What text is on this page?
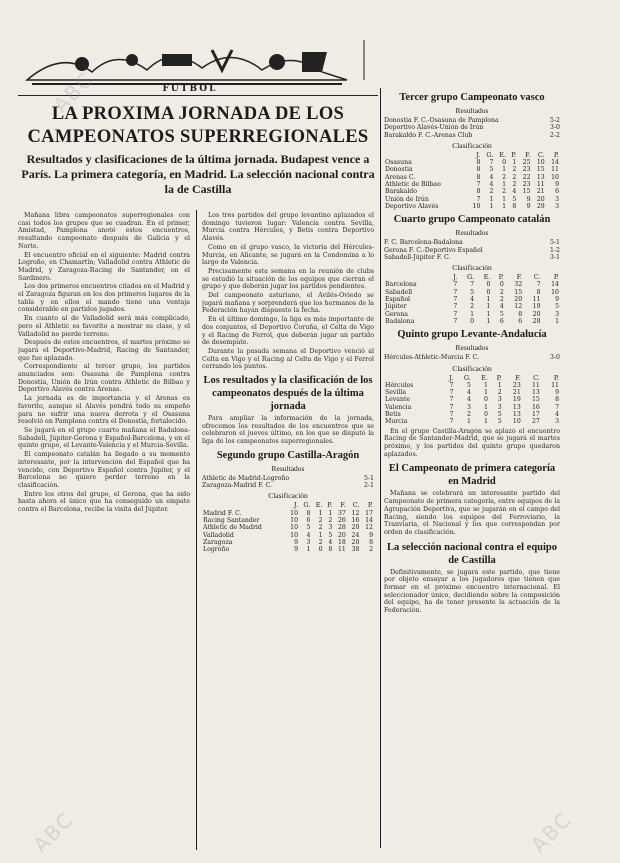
FUTBOL
LA PROXIMA JORNADA DE LOS CAMPEONATOS SUPERREGIONALES
Resultados y clasificaciones de la última jornada. Budapest vence a París. La primera categoría, en Madrid. La selección nacional contra la de Castilla

Mañana libra campeonatos superregionales con casi todos los grupos que se cuadran. En el primer, Amistad, Pamplona anotó estos encuentros, resultando campeonato después de Galicia y el Norte.

El encuentro oficial en el siguiente: Madrid contra Logroño, en Chamartín; Valladolid contra Athletic de Madrid, y Zaragoza-Racing de Santander, en el Sardinero.

Los dos primeros encuentros citados en el Madrid y el Zaragoza figuran en los dos primeros lugares de la tabla y en ellos el mando tiene una ventaja considerable en partidos jugados.

En cuanto al de Valladolid será más complicado, pero el Athletic es favorito a mostrar su clase, y el Valladolid no pierde terreno.

Después de estos encuentros, el martes próximo se jugará el Deportivo-Madrid, Racing de Santander, que fue aplazado.

Correspondiente al tercer grupo, los partidos anunciados son: Osasuna de Pamplona contra Donostia, Unión de Irún contra Athletic de Bilbao y Deportivo Alavés contra Arenas.

La jornada es de importancia y el Arenas es favorito, aunque el Alavés pondrá todo su empeño para no sufrir una nueva derrota y el Osasuna resolvió en Pamplona contra el Donostia, fortalecido.

Se jugará en el grupo cuarto mañana el Badalona-Sabadell, Júpiter-Gerona y Español-Barcelona, y en el quinto grupo, el Levante-Valencia y el Murcia-Sevilla.

El campeonato catalán ha llegado a su momento interesante, por la intervención del Español que ha vencido, con Deportivo Español contra Júpiter, y el Barcelona no quiere perder terreno en la clasificación.

Entre los otros del grupo, el Gerona, que ha sido hasta ahora el único que ha conseguido un empate contra el Barcelona, recibe la visita del Júpiter.

Los tres partidos del grupo levantino aplazados el domingo tuvieron lugar: Valencia contra Sevilla, Murcia contra Hércules, y Betis contra Deportivo Alavés.

Como en el grupo vasco, la victoria del Hércules-Murcia, en Alicante, se jugará en la Condomina a lo largo de Valencia.

Precisamente esta semana en la reunión de clubs se estudió la situación de los equipos que cierran el grupo y que deberán jugar los partidos pendientes.

Del campeonato asturiano, el Avilés-Oviedo se jugará mañana y sorprenderá que los hermanos de la Federación hayan dispuesto la fecha.

En el último domingo, la liga es más importante de dos conjuntos, el Deportivo Coruña, el Celta de Vigo y el Racing de Ferrol, que deberán jugar un partido de desempate.

Durante la pasada semana el Deportivo venció al Celta en Vigo y el Racing al Celta de Vigo y el Ferrol cerrando los puntos.

Los resultados y la clasificación de los campeonatos después de la última jornada

Para ampliar la información de la jornada, ofrecemos los resultados de los encuentros que se celebraron el jueves último, en los que se disputó la liga de los campeonatos superregionales.

Segundo grupo Castilla-Aragón
Resultados
Athletic de Madrid-Logroño	5-1
Zaragoza-Madrid F. C.	2-1
Clasificación
	J.	G.	E.	P.	F.	C.	P.
Madrid F. C.	10	8	1	1	37	12	17
Racing Santander	10	6	2	2	26	16	14
Athletic de Madrid	10	5	2	3	28	20	12
Valladolid	10	4	1	5	20	24	9
Zaragoza	9	3	2	4	18	20	8
Logroño	9	1	0	8	11	38	2
Tercer grupo Campeonato vasco
Resultados
Donostia F. C.-Osasuna de Pamplona	5-2
Deportivo Alavés-Unión de Irún	3-0
Barakaldo F. C.-Arenas Club	2-2
Clasificación
	J.	G.	E.	P.	F.	C.	P.
Osasuna	8	7	0	1	25	10	14
Donostia	8	5	1	2	23	15	11
Arenas C.	8	4	2	2	22	13	10
Athletic de Bilbao	7	4	1	2	23	11	9
Barakaldo	8	2	2	4	15	21	6
Unión de Irún	7	1	1	5	9	20	3
Deportivo Alavés	10	1	1	8	9	29	3
Cuarto grupo Campeonato catalán
Resultados
F. C. Barcelona-Badalona	5-1
Gerona F. C.-Deportivo Español	1-2
Sabadell-Júpiter F. C.	3-1
Clasificación
	J.	G.	E.	P.	F.	C.	P.
Barcelona	7	7	0	0	32	7	14
Sabadell	7	5	0	2	15	8	10
Español	7	4	1	2	20	11	9
Júpiter	7	2	1	4	12	19	5
Gerona	7	1	1	5	8	20	3
Badalona	7	0	1	6	6	28	1
Quinto grupo Levante-Andalucía
Resultados
Hércules-Athletic-Murcia F. C.	3-0
Clasificación
	J.	G.	E.	P.	F.	C.	P.
Hércules	7	5	1	1	23	11	11
Sevilla	7	4	1	2	21	13	9
Levante	7	4	0	3	19	15	8
Valencia	7	3	1	3	13	16	7
Betis	7	2	0	5	13	17	4
Murcia	7	1	1	5	10	27	3

En el grupo Castilla-Aragón se aplazó el encuentro Racing de Santander-Madrid, que se jugará el martes próximo, y los partidos del quinto grupo quedaron aplazados.

El Campeonato de primera categoría en Madrid

Mañana se celebrará un interesante partido del Campeonato de primera categoría, entre equipos de la Agrupación Deportiva, que se jugarán en el campo del Racing, siendo los equipos del Ferroviario, la Tranviaria, el Nacional y los que correspondan por orden de clasificación.

La selección nacional contra el equipo de Castilla

Definitivamente, se jugará este partido, que tiene por objeto ensayar a los jugadores que tienen que formar en el próximo encuentro internacional. El seleccionador único, decidiendo sobre la composición del equipo, ha de tener presente la actuación de la Federación.

ABC
ABC	ABC
